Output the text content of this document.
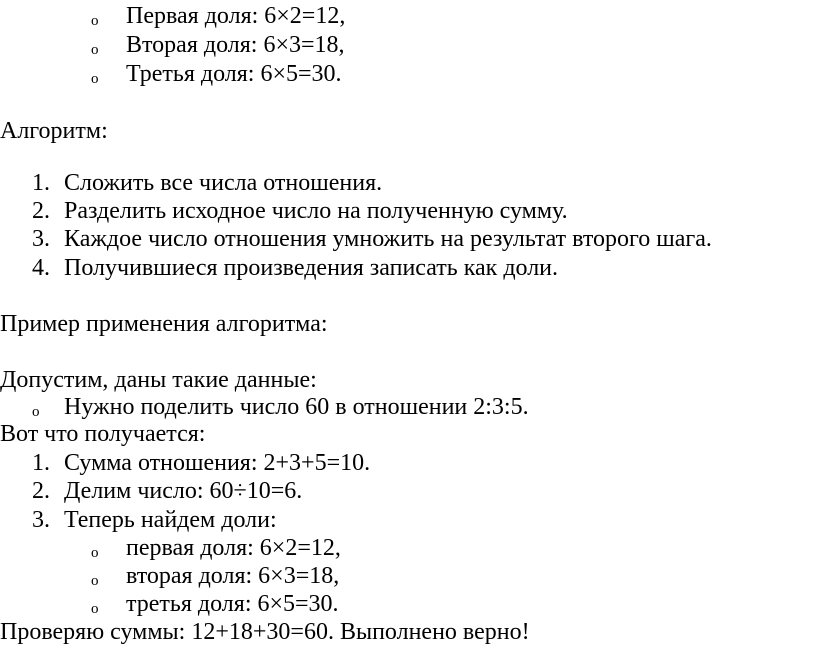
o Первая доля: 6×2=12,
o Вторая доля: 6×3=18,
o Третья доля: 6×5=30.
Алгоритм:
1. Сложить все числа отношения.
2. Разделить исходное число на полученную сумму.
3. Каждое число отношения умножить на результат второго шага.
4. Получившиеся произведения записать как доли.
Пример применения алгоритма:
Допустим, даны такие данные:
o Нужно поделить число 60 в отношении 2:3:5.
Вот что получается:
1. Сумма отношения: 2+3+5=10.
2. Делим число: 60÷10=6.
3. Теперь найдем доли:
o первая доля: 6×2=12,
o вторая доля: 6×3=18,
o третья доля: 6×5=30.
Проверяю суммы: 12+18+30=60. Выполнено верно!
